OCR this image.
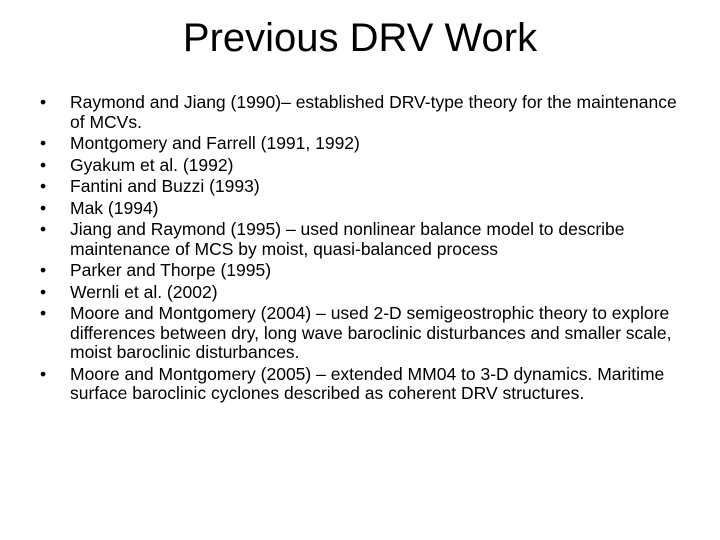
Previous DRV Work
• Raymond and Jiang (1990)– established DRV-type theory for the maintenance of MCVs.
• Montgomery and Farrell (1991, 1992)
• Gyakum et al. (1992)
• Fantini and Buzzi (1993)
• Mak (1994)
• Jiang and Raymond (1995) – used nonlinear balance model to describe maintenance of MCS by moist, quasi-balanced process
• Parker and Thorpe (1995)
• Wernli et al. (2002)
• Moore and Montgomery (2004) – used 2-D semigeostrophic theory to explore differences between dry, long wave baroclinic disturbances and smaller scale, moist baroclinic disturbances.
• Moore and Montgomery (2005) – extended MM04 to 3-D dynamics. Maritime surface baroclinic cyclones described as coherent DRV structures.
